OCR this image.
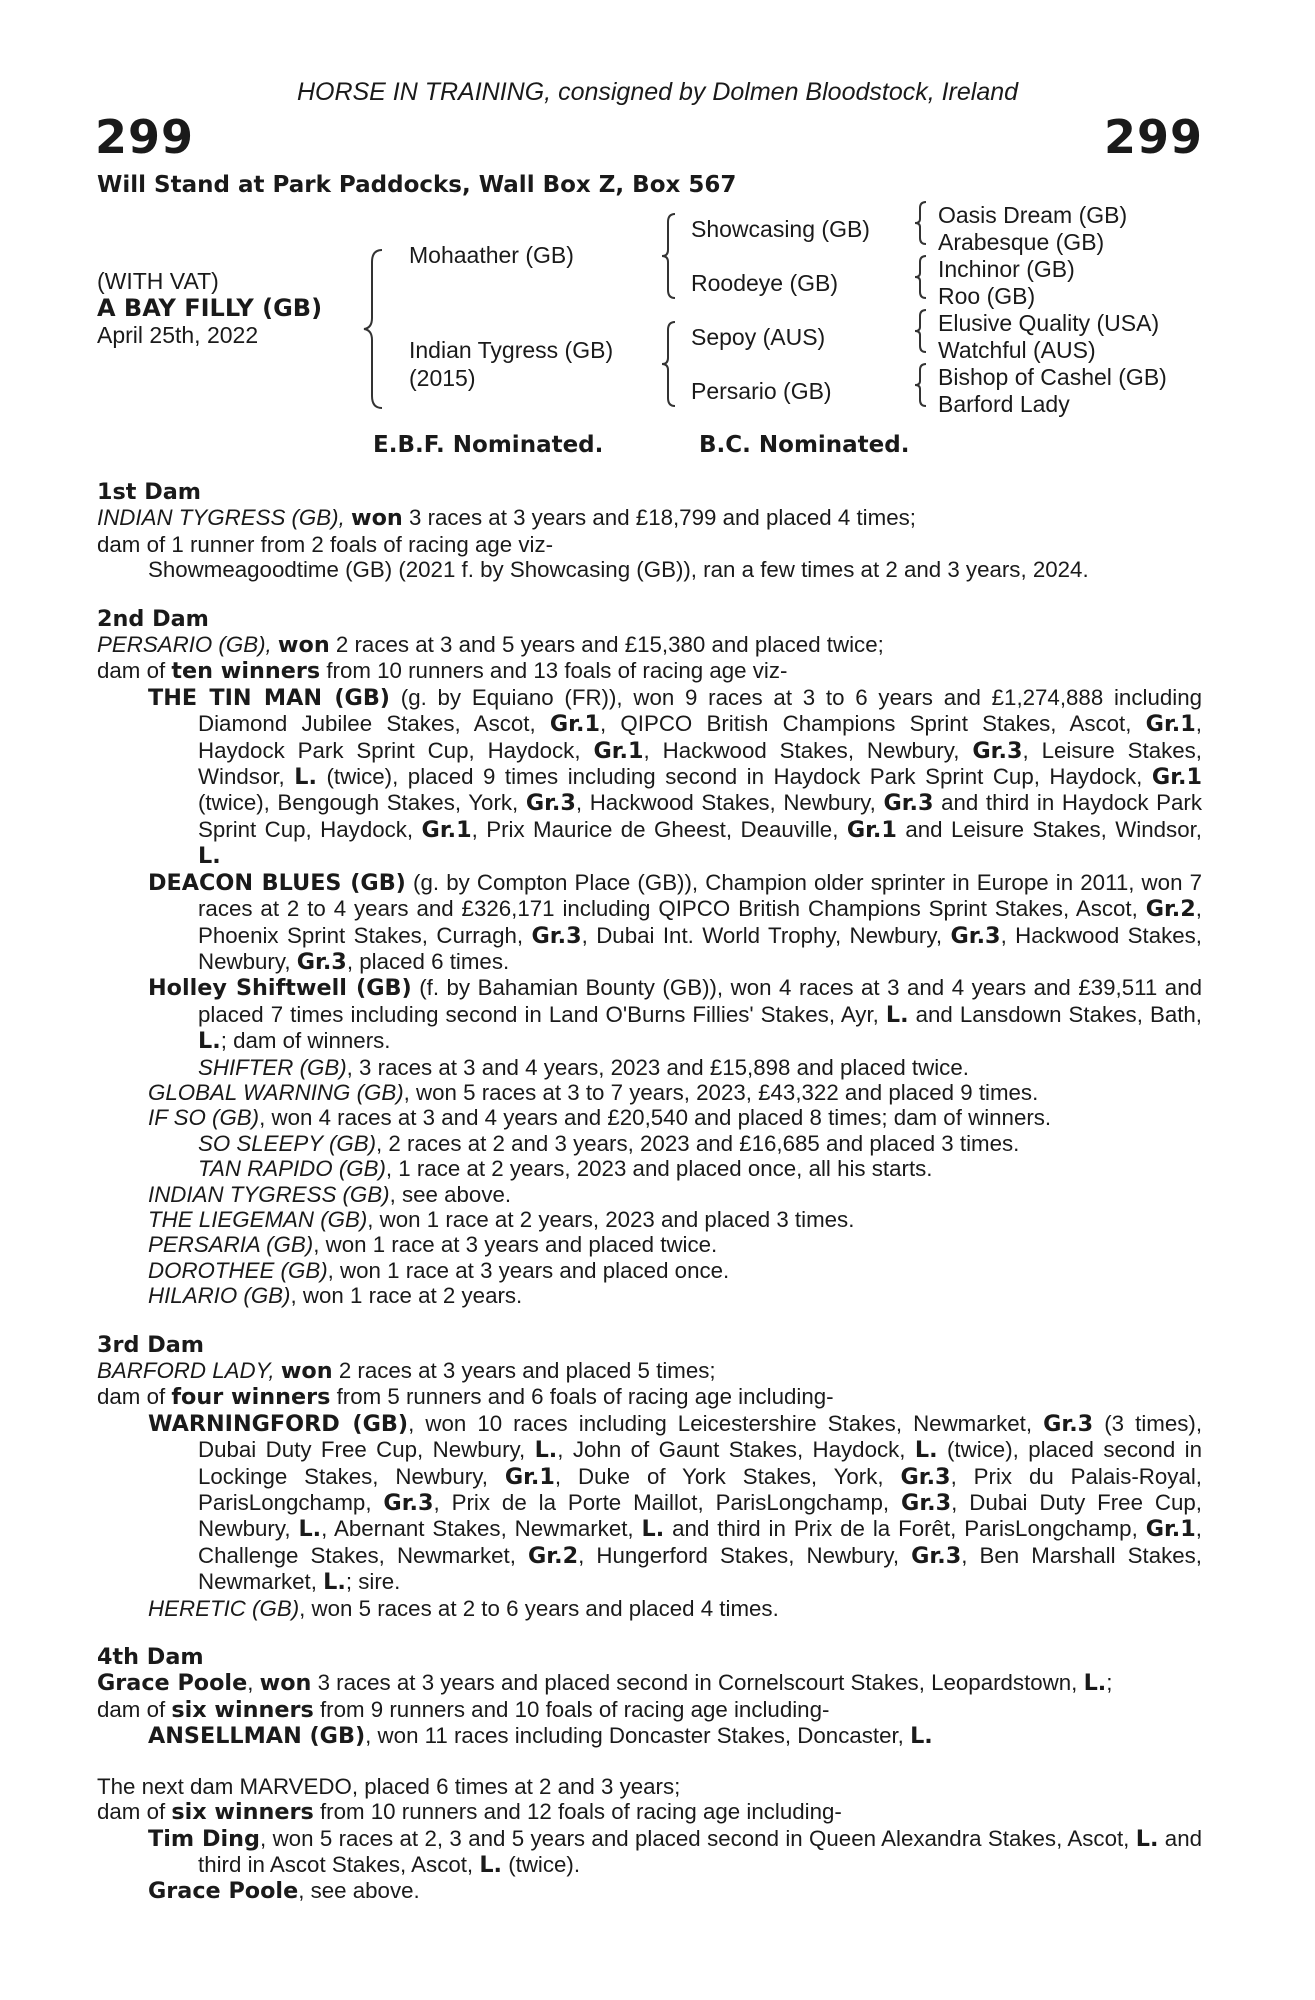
HORSE IN TRAINING, consigned by Dolmen Bloodstock, Ireland
299	299
Will Stand at Park Paddocks, Wall Box Z, Box 567
(WITH VAT)
A BAY FILLY (GB)
April 25th, 2022
Mohaather (GB)
Indian Tygress (GB)
(2015)
Showcasing (GB)
Roodeye (GB)
Sepoy (AUS)
Persario (GB)
Oasis Dream (GB)
Arabesque (GB)
Inchinor (GB)
Roo (GB)
Elusive Quality (USA)
Watchful (AUS)
Bishop of Cashel (GB)
Barford Lady
E.B.F. Nominated.	B.C. Nominated.

1st Dam

INDIAN TYGRESS (GB), won 3 races at 3 years and £18,799 and placed 4 times;

dam of 1 runner from 2 foals of racing age viz-

Showmeagoodtime (GB) (2021 f. by Showcasing (GB)), ran a few times at 2 and 3 years, 2024.

2nd Dam

PERSARIO (GB), won 2 races at 3 and 5 years and £15,380 and placed twice;

dam of ten winners from 10 runners and 13 foals of racing age viz-

THE TIN MAN (GB) (g. by Equiano (FR)), won 9 races at 3 to 6 years and £1,274,888 including Diamond Jubilee Stakes, Ascot, Gr.1, QIPCO British Champions Sprint Stakes, Ascot, Gr.1, Haydock Park Sprint Cup, Haydock, Gr.1, Hackwood Stakes, Newbury, Gr.3, Leisure Stakes, Windsor, L. (twice), placed 9 times including second in Haydock Park Sprint Cup, Haydock, Gr.1 (twice), Bengough Stakes, York, Gr.3, Hackwood Stakes, Newbury, Gr.3 and third in Haydock Park Sprint Cup, Haydock, Gr.1, Prix Maurice de Gheest, Deauville, Gr.1 and Leisure Stakes, Windsor, L.

DEACON BLUES (GB) (g. by Compton Place (GB)), Champion older sprinter in Europe in 2011, won 7 races at 2 to 4 years and £326,171 including QIPCO British Champions Sprint Stakes, Ascot, Gr.2, Phoenix Sprint Stakes, Curragh, Gr.3, Dubai Int. World Trophy, Newbury, Gr.3, Hackwood Stakes, Newbury, Gr.3, placed 6 times.

Holley Shiftwell (GB) (f. by Bahamian Bounty (GB)), won 4 races at 3 and 4 years and £39,511 and placed 7 times including second in Land O'Burns Fillies' Stakes, Ayr, L. and Lansdown Stakes, Bath, L.; dam of winners.

SHIFTER (GB), 3 races at 3 and 4 years, 2023 and £15,898 and placed twice.

GLOBAL WARNING (GB), won 5 races at 3 to 7 years, 2023, £43,322 and placed 9 times.

IF SO (GB), won 4 races at 3 and 4 years and £20,540 and placed 8 times; dam of winners.

SO SLEEPY (GB), 2 races at 2 and 3 years, 2023 and £16,685 and placed 3 times.

TAN RAPIDO (GB), 1 race at 2 years, 2023 and placed once, all his starts.

INDIAN TYGRESS (GB), see above.

THE LIEGEMAN (GB), won 1 race at 2 years, 2023 and placed 3 times.

PERSARIA (GB), won 1 race at 3 years and placed twice.

DOROTHEE (GB), won 1 race at 3 years and placed once.

HILARIO (GB), won 1 race at 2 years.

3rd Dam

BARFORD LADY, won 2 races at 3 years and placed 5 times;

dam of four winners from 5 runners and 6 foals of racing age including-

WARNINGFORD (GB), won 10 races including Leicestershire Stakes, Newmarket, Gr.3 (3 times), Dubai Duty Free Cup, Newbury, L., John of Gaunt Stakes, Haydock, L. (twice), placed second in Lockinge Stakes, Newbury, Gr.1, Duke of York Stakes, York, Gr.3, Prix du Palais-Royal, ParisLongchamp, Gr.3, Prix de la Porte Maillot, ParisLongchamp, Gr.3, Dubai Duty Free Cup, Newbury, L., Abernant Stakes, Newmarket, L. and third in Prix de la Forêt, ParisLongchamp, Gr.1, Challenge Stakes, Newmarket, Gr.2, Hungerford Stakes, Newbury, Gr.3, Ben Marshall Stakes, Newmarket, L.; sire.

HERETIC (GB), won 5 races at 2 to 6 years and placed 4 times.

4th Dam

Grace Poole, won 3 races at 3 years and placed second in Cornelscourt Stakes, Leopardstown, L.;

dam of six winners from 9 runners and 10 foals of racing age including-

ANSELLMAN (GB), won 11 races including Doncaster Stakes, Doncaster, L.

The next dam MARVEDO, placed 6 times at 2 and 3 years;

dam of six winners from 10 runners and 12 foals of racing age including-

Tim Ding, won 5 races at 2, 3 and 5 years and placed second in Queen Alexandra Stakes, Ascot, L. and third in Ascot Stakes, Ascot, L. (twice).

Grace Poole, see above.
